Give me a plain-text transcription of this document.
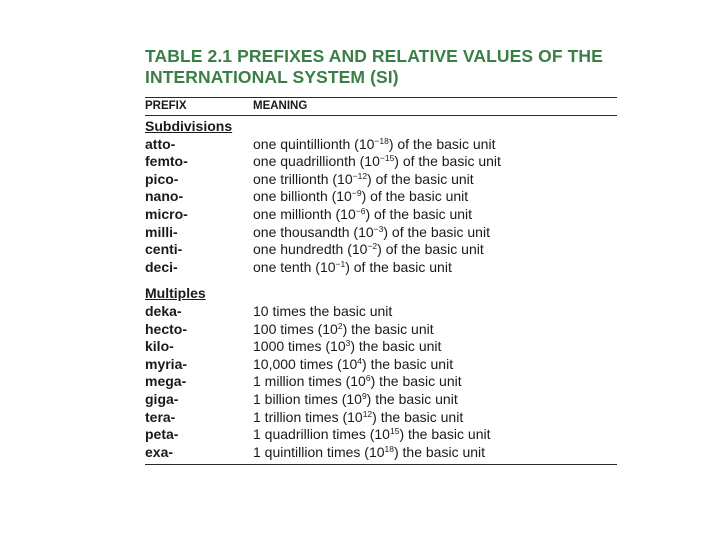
TABLE 2.1 PREFIXES AND RELATIVE VALUES OF THE
INTERNATIONAL SYSTEM (SI)
PREFIX	MEANING
Subdivisions
atto-	one quintillionth $(10^{-18})$ of the basic unit
femto-	one quadrillionth $(10^{-15})$ of the basic unit
pico-	one trillionth $(10^{-12})$ of the basic unit
nano-	one billionth $(10^{-9})$ of the basic unit
micro-	one millionth $(10^{-6})$ of the basic unit
milli-	one thousandth $(10^{-3})$ of the basic unit
centi-	one hundredth $(10^{-2})$ of the basic unit
deci-	one tenth $(10^{-1})$ of the basic unit
Multiples
deka-	10 times the basic unit
hecto-	100 times $(10^2)$ the basic unit
kilo-	1000 times $(10^3)$ the basic unit
myria-	10,000 times $(10^4)$ the basic unit
mega-	1 million times $(10^6)$ the basic unit
giga-	1 billion times $(10^9)$ the basic unit
tera-	1 trillion times $(10^{12})$ the basic unit
peta-	1 quadrillion times $(10^{15})$ the basic unit
exa-	1 quintillion times $(10^{18})$ the basic unit
